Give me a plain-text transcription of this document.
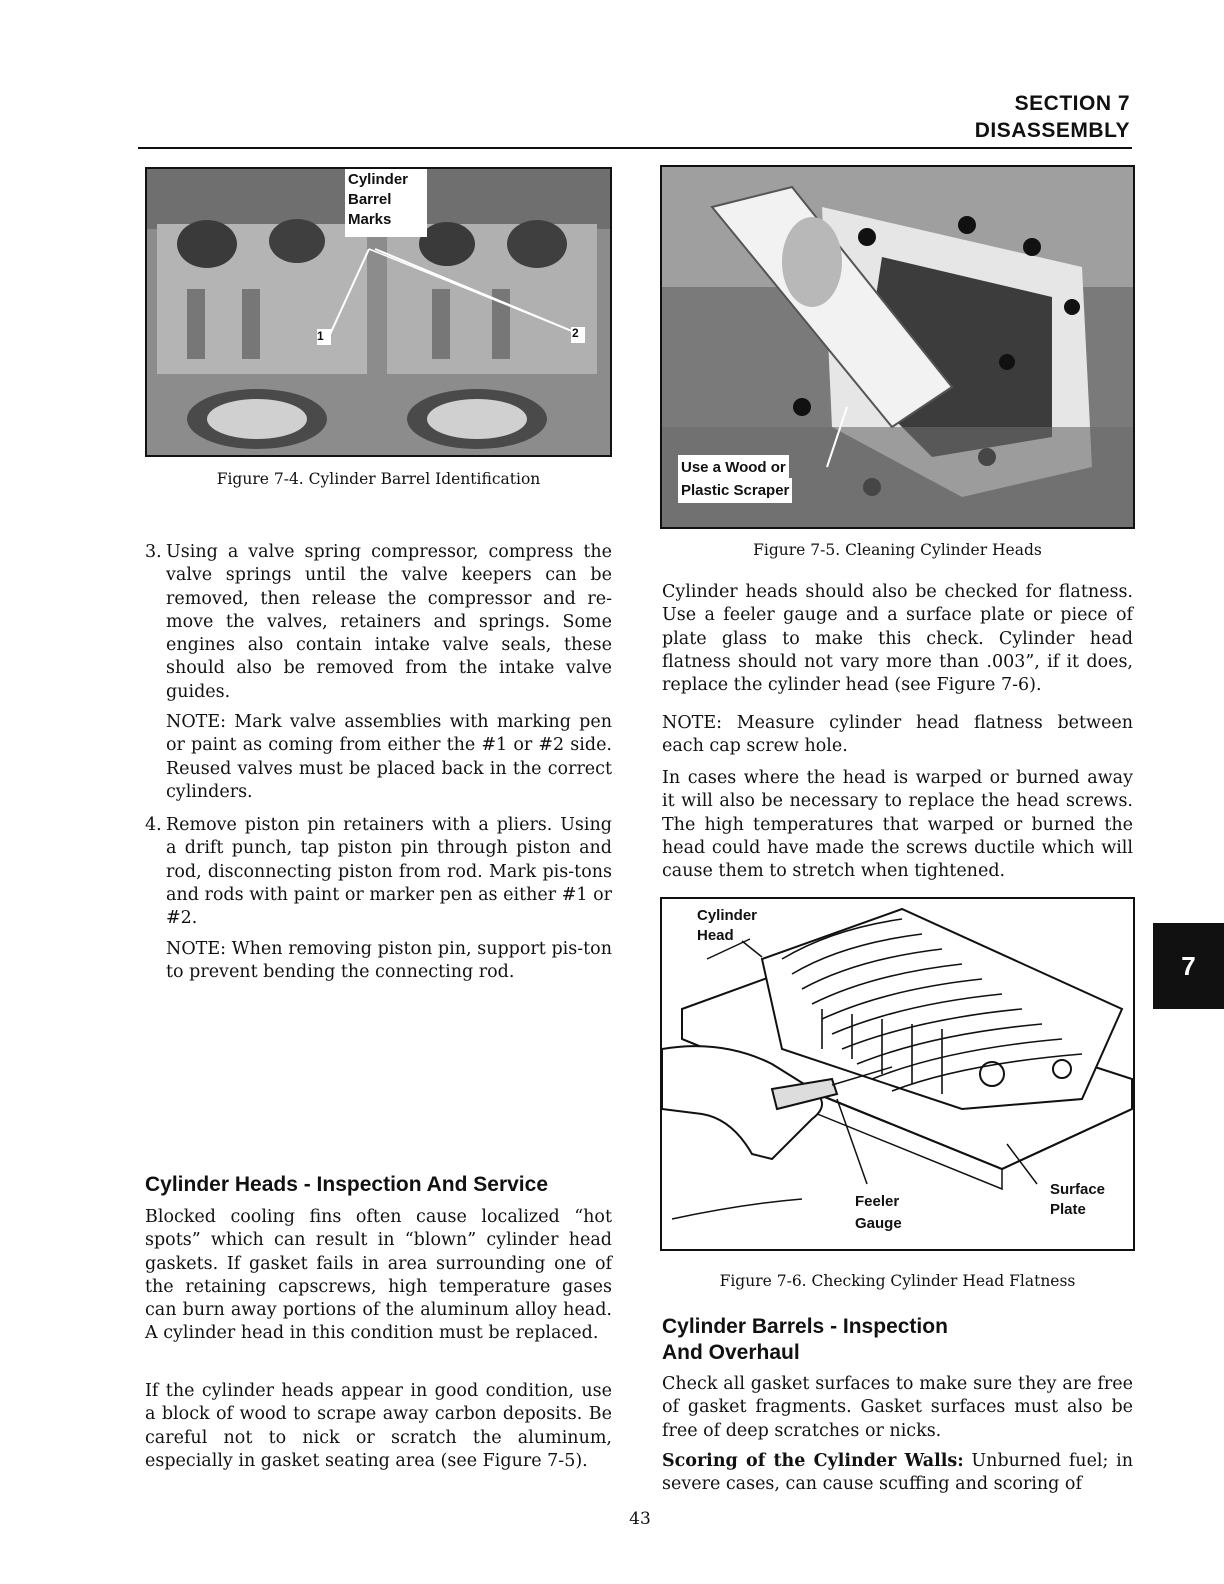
SECTION 7
DISASSEMBLY
Cylinder
Barrel
Marks
1	2
Figure 7-4. Cylinder Barrel Identification
3. Using a valve spring compressor, compress the valve springs until the valve keepers can be removed, then release the compressor and re-move the valves, retainers and springs. Some engines also contain intake valve seals, these should also be removed from the intake valve guides.

NOTE: Mark valve assemblies with marking pen or paint as coming from either the #1 or #2 side. Reused valves must be placed back in the correct cylinders.

4. Remove piston pin retainers with a pliers. Using a drift punch, tap piston pin through piston and rod, disconnecting piston from rod. Mark pis-tons and rods with paint or marker pen as either #1 or #2.

NOTE: When removing piston pin, support pis-ton to prevent bending the connecting rod.

Cylinder Heads - Inspection And Service

Blocked cooling fins often cause localized “hot spots” which can result in “blown” cylinder head gaskets. If gasket fails in area surrounding one of the retaining capscrews, high temperature gases can burn away portions of the aluminum alloy head. A cylinder head in this condition must be replaced.

If the cylinder heads appear in good condition, use a block of wood to scrape away carbon deposits. Be careful not to nick or scratch the aluminum, especially in gasket seating area (see Figure 7-5).

Use a Wood or
Plastic Scraper
Figure 7-5. Cleaning Cylinder Heads

Cylinder heads should also be checked for flatness. Use a feeler gauge and a surface plate or piece of plate glass to make this check. Cylinder head flatness should not vary more than .003”, if it does, replace the cylinder head (see Figure 7-6).

NOTE: Measure cylinder head flatness between each cap screw hole.

In cases where the head is warped or burned away it will also be necessary to replace the head screws. The high temperatures that warped or burned the head could have made the screws ductile which will cause them to stretch when tightened.

Cylinder
Head
Feeler
Gauge
Surface
Plate
Figure 7-6. Checking Cylinder Head Flatness
Cylinder Barrels - Inspection
And Overhaul

Check all gasket surfaces to make sure they are free of gasket fragments. Gasket surfaces must also be free of deep scratches or nicks.

Scoring of the Cylinder Walls: Unburned fuel; in severe cases, can cause scuffing and scoring of

7
43
